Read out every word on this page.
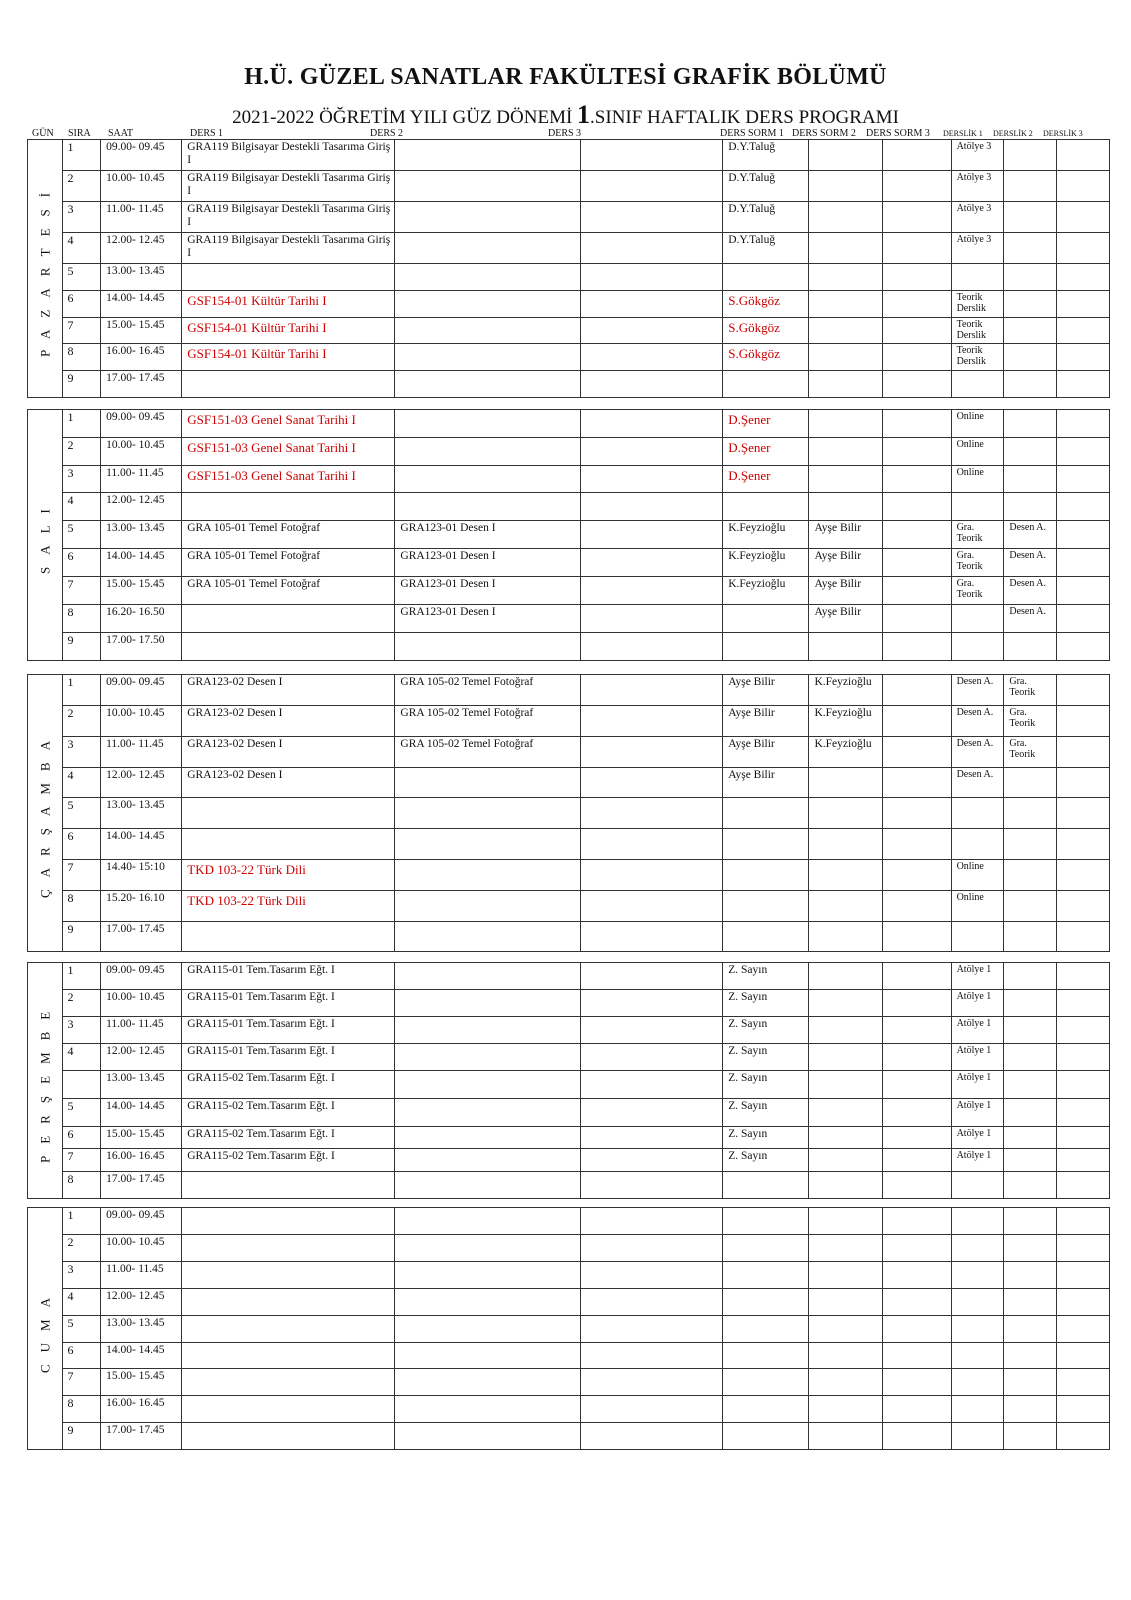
H.Ü. GÜZEL SANATLAR FAKÜLTESİ GRAFİK BÖLÜMÜ
2021-2022 ÖĞRETİM YILI GÜZ DÖNEMİ 1.SINIF HAFTALIK DERS PROGRAMI
GÜN SIRA SAAT	DERS 1	DERS 2	DERS 3	DERS SORM 1 DERS SORM 2 DERS SORM 3 DERSLİK 1 DERSLİK 2 DERSLİK 3
PAZARTESİ	1	09.00- 09.45	GRA119 Bilgisayar Destekli Tasarıma Giriş I			D.Y.Taluğ			Atölye 3		
	2	10.00- 10.45	GRA119 Bilgisayar Destekli Tasarıma Giriş I			D.Y.Taluğ			Atölye 3		
	3	11.00- 11.45	GRA119 Bilgisayar Destekli Tasarıma Giriş I			D.Y.Taluğ			Atölye 3		
	4	12.00- 12.45	GRA119 Bilgisayar Destekli Tasarıma Giriş I			D.Y.Taluğ			Atölye 3		
	5	13.00- 13.45									
	6	14.00- 14.45	GSF154-01 Kültür Tarihi I			S.Gökgöz			Teorik Derslik		
	7	15.00- 15.45	GSF154-01 Kültür Tarihi I			S.Gökgöz			Teorik Derslik		
	8	16.00- 16.45	GSF154-01 Kültür Tarihi I			S.Gökgöz			Teorik Derslik		
	9	17.00- 17.45									
SALI	1	09.00- 09.45	GSF151-03 Genel Sanat Tarihi I			D.Şener			Online		
	2	10.00- 10.45	GSF151-03 Genel Sanat Tarihi I			D.Şener			Online		
	3	11.00- 11.45	GSF151-03 Genel Sanat Tarihi I			D.Şener			Online		
	4	12.00- 12.45									
	5	13.00- 13.45	GRA 105-01 Temel Fotoğraf	GRA123-01 Desen I		K.Feyzioğlu	Ayşe Bilir		Gra. Teorik	Desen A.	
	6	14.00- 14.45	GRA 105-01 Temel Fotoğraf	GRA123-01 Desen I		K.Feyzioğlu	Ayşe Bilir		Gra. Teorik	Desen A.	
	7	15.00- 15.45	GRA 105-01 Temel Fotoğraf	GRA123-01 Desen I		K.Feyzioğlu	Ayşe Bilir		Gra. Teorik	Desen A.	
	8	16.20- 16.50		GRA123-01 Desen I			Ayşe Bilir			Desen A.	
	9	17.00- 17.50									
ÇARŞAMBA	1	09.00- 09.45	GRA123-02 Desen I	GRA 105-02 Temel Fotoğraf		Ayşe Bilir	K.Feyzioğlu		Desen A.	Gra. Teorik	
	2	10.00- 10.45	GRA123-02 Desen I	GRA 105-02 Temel Fotoğraf		Ayşe Bilir	K.Feyzioğlu		Desen A.	Gra. Teorik	
	3	11.00- 11.45	GRA123-02 Desen I	GRA 105-02 Temel Fotoğraf		Ayşe Bilir	K.Feyzioğlu		Desen A.	Gra. Teorik	
	4	12.00- 12.45	GRA123-02 Desen I			Ayşe Bilir			Desen A.		
	5	13.00- 13.45									
	6	14.00- 14.45									
	7	14.40- 15:10	TKD 103-22 Türk Dili						Online		
	8	15.20- 16.10	TKD 103-22 Türk Dili						Online		
	9	17.00- 17.45									
PERŞEMBE	1	09.00- 09.45	GRA115-01 Tem.Tasarım Eğt. I			Z. Sayın			Atölye 1		
	2	10.00- 10.45	GRA115-01 Tem.Tasarım Eğt. I			Z. Sayın			Atölye 1		
	3	11.00- 11.45	GRA115-01 Tem.Tasarım Eğt. I			Z. Sayın			Atölye 1		
	4	12.00- 12.45	GRA115-01 Tem.Tasarım Eğt. I			Z. Sayın			Atölye 1		
		13.00- 13.45	GRA115-02 Tem.Tasarım Eğt. I			Z. Sayın			Atölye 1		
	5	14.00- 14.45	GRA115-02 Tem.Tasarım Eğt. I			Z. Sayın			Atölye 1		
	6	15.00- 15.45	GRA115-02 Tem.Tasarım Eğt. I			Z. Sayın			Atölye 1		
	7	16.00- 16.45	GRA115-02 Tem.Tasarım Eğt. I			Z. Sayın			Atölye 1		
	8	17.00- 17.45									
CUMA	1	09.00- 09.45									
	2	10.00- 10.45									
	3	11.00- 11.45									
	4	12.00- 12.45									
	5	13.00- 13.45									
	6	14.00- 14.45									
	7	15.00- 15.45									
	8	16.00- 16.45									
	9	17.00- 17.45									
